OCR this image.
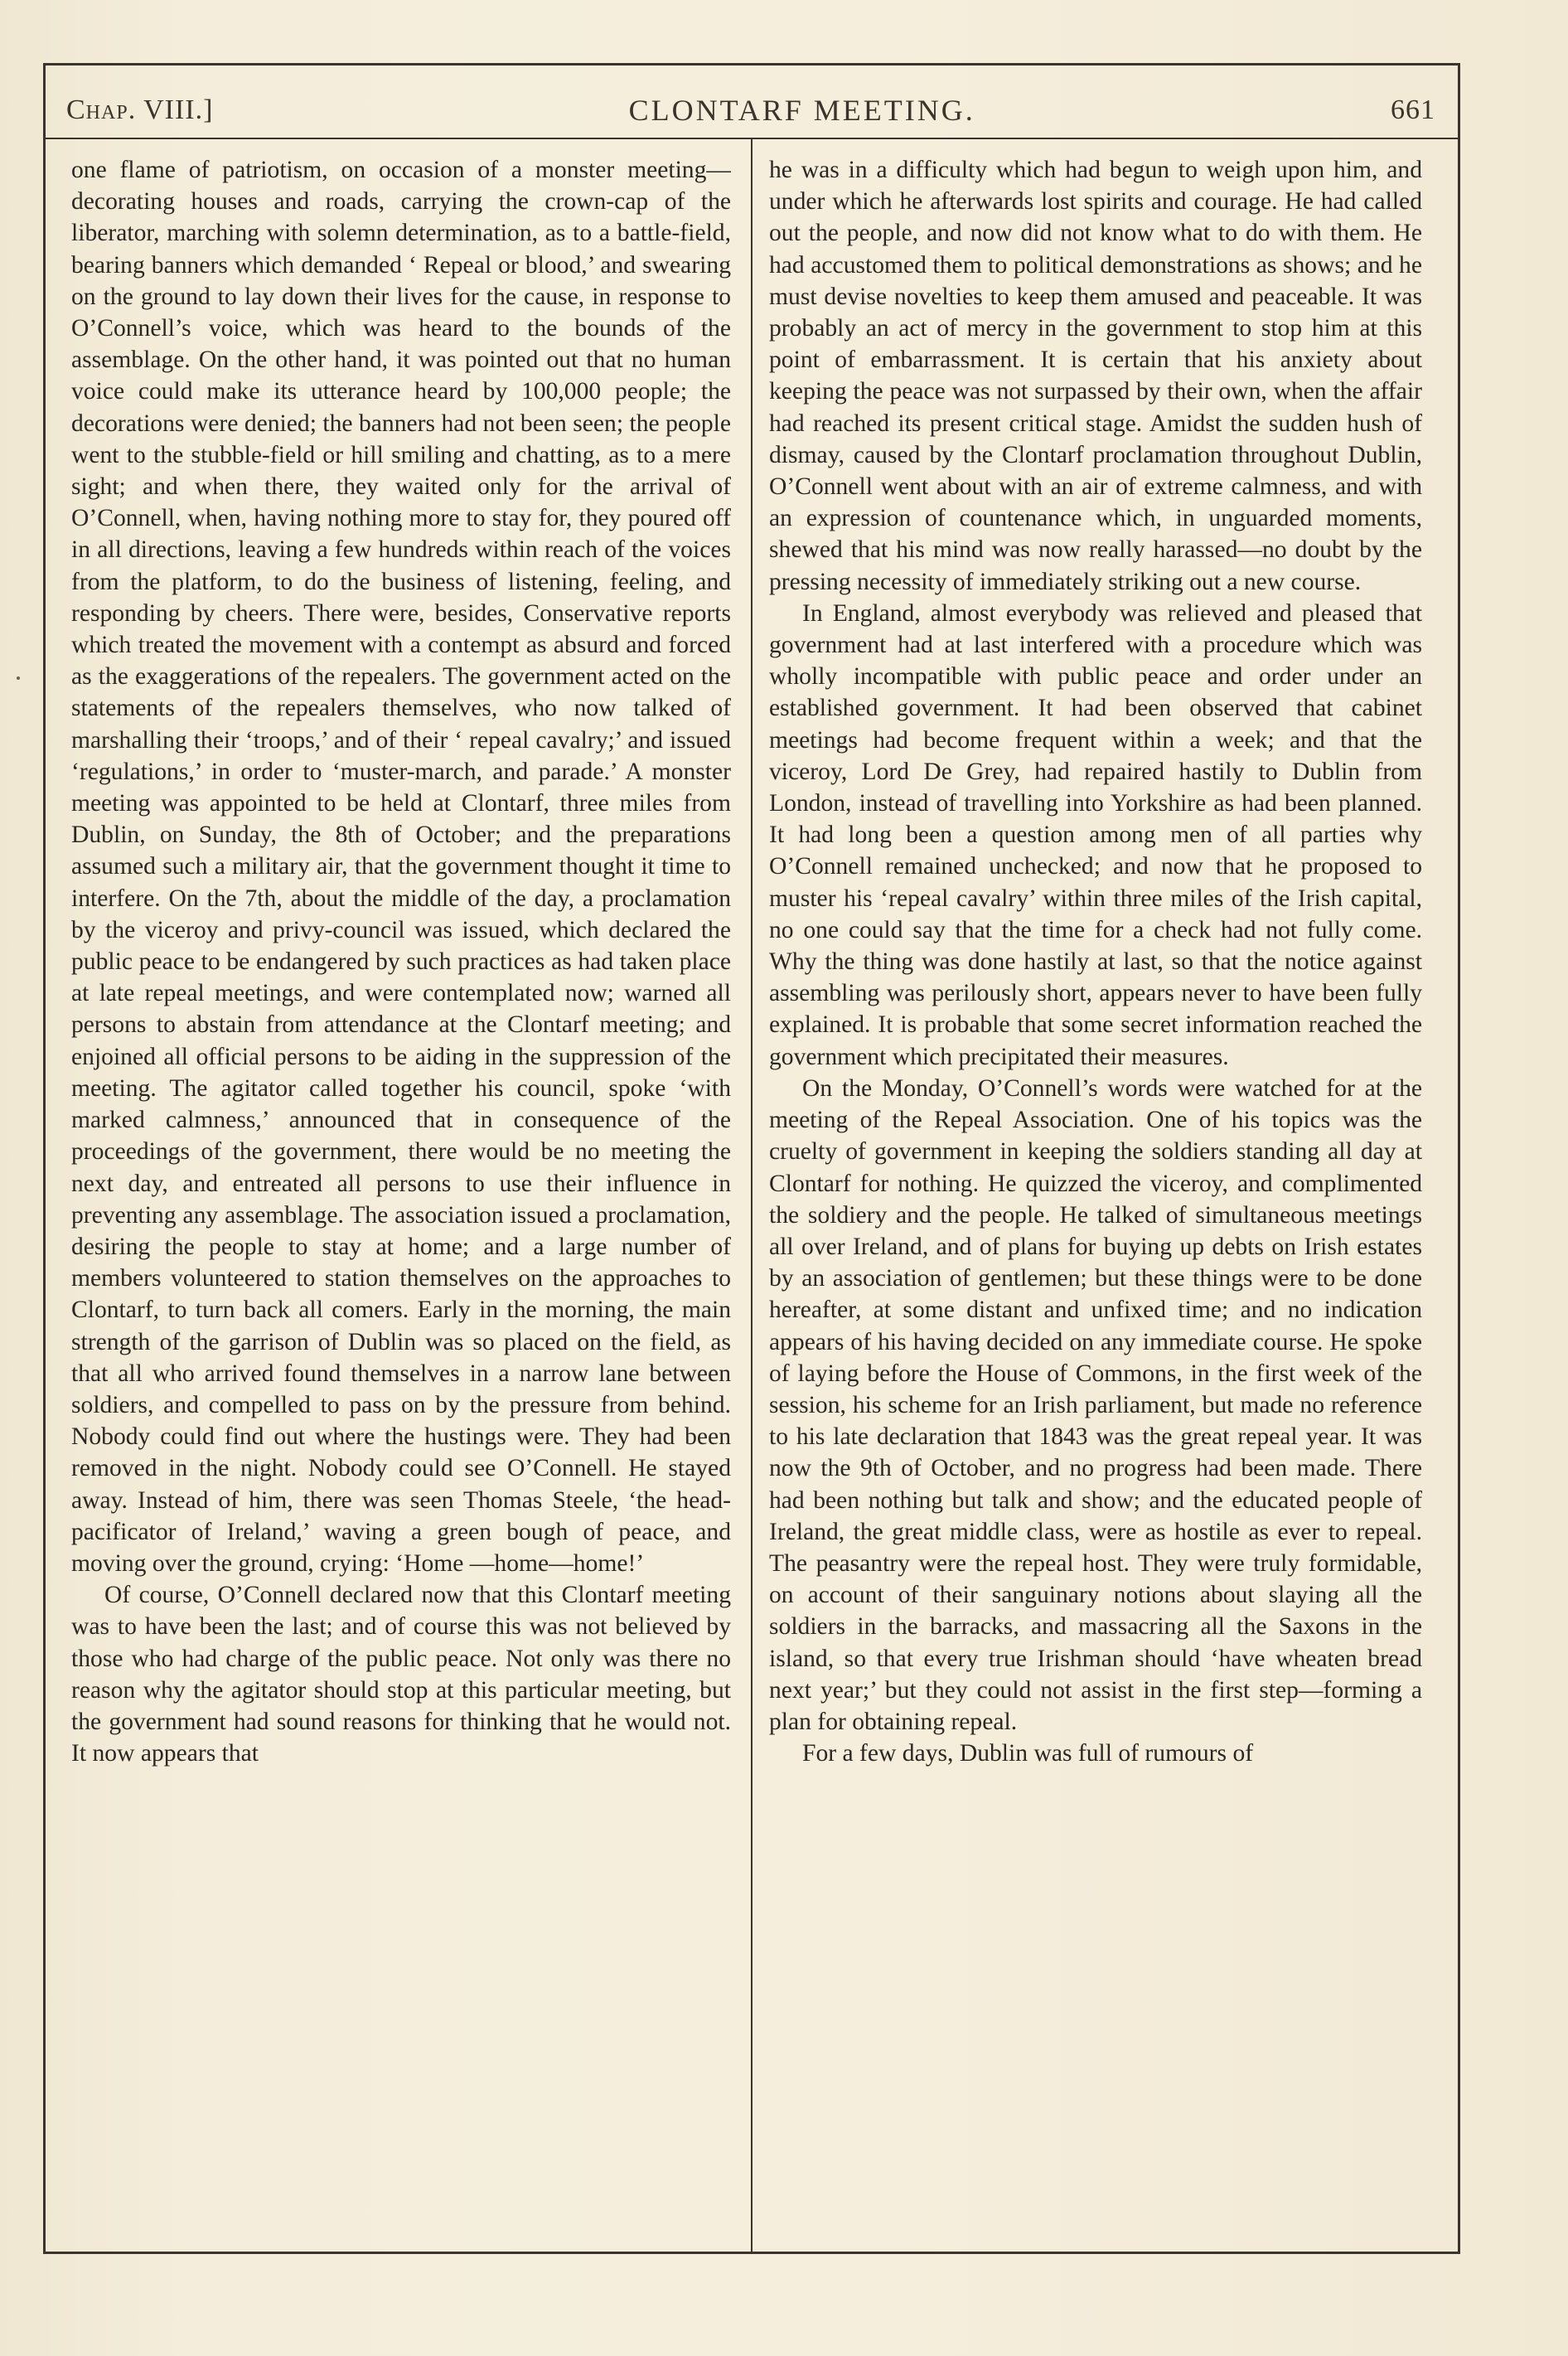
Chap. VIII.]	CLONTARF MEETING.	661

one flame of patriotism, on occasion of a monster meeting—decorating houses and roads, carrying the crown-cap of the liberator, marching with solemn determination, as to a battle-field, bearing banners which demanded ‘ Repeal or blood,’ and swearing on the ground to lay down their lives for the cause, in response to O’Connell’s voice, which was heard to the bounds of the assemblage. On the other hand, it was pointed out that no human voice could make its utterance heard by 100,000 people; the decorations were denied; the banners had not been seen; the people went to the stubble-field or hill smiling and chatting, as to a mere sight; and when there, they waited only for the arrival of O’Connell, when, having nothing more to stay for, they poured off in all directions, leaving a few hundreds within reach of the voices from the platform, to do the business of listening, feeling, and responding by cheers. There were, besides, Conservative reports which treated the movement with a contempt as absurd and forced as the exaggerations of the repealers. The government acted on the statements of the repealers themselves, who now talked of marshalling their ‘troops,’ and of their ‘ repeal cavalry;’ and issued ‘regulations,’ in order to ‘muster-march, and parade.’ A monster meeting was appointed to be held at Clontarf, three miles from Dublin, on Sunday, the 8th of October; and the preparations assumed such a military air, that the government thought it time to interfere. On the 7th, about the middle of the day, a proclamation by the viceroy and privy-council was issued, which declared the public peace to be endangered by such practices as had taken place at late repeal meetings, and were contemplated now; warned all persons to abstain from attendance at the Clontarf meeting; and enjoined all official persons to be aiding in the suppression of the meeting. The agitator called together his council, spoke ‘with marked calmness,’ announced that in consequence of the proceedings of the government, there would be no meeting the next day, and entreated all persons to use their influence in preventing any assemblage. The association issued a proclamation, desiring the people to stay at home; and a large number of members volunteered to station themselves on the approaches to Clontarf, to turn back all comers. Early in the morning, the main strength of the garrison of Dublin was so placed on the field, as that all who arrived found themselves in a narrow lane between soldiers, and compelled to pass on by the pressure from behind. Nobody could find out where the hustings were. They had been removed in the night. Nobody could see O’Connell. He stayed away. Instead of him, there was seen Thomas Steele, ‘the head-pacificator of Ireland,’ waving a green bough of peace, and moving over the ground, crying: ‘Home —home—home!’

Of course, O’Connell declared now that this Clontarf meeting was to have been the last; and of course this was not believed by those who had charge of the public peace. Not only was there no reason why the agitator should stop at this particular meeting, but the government had sound reasons for thinking that he would not. It now appears that

he was in a difficulty which had begun to weigh upon him, and under which he afterwards lost spirits and courage. He had called out the people, and now did not know what to do with them. He had accustomed them to political demonstrations as shows; and he must devise novelties to keep them amused and peaceable. It was probably an act of mercy in the government to stop him at this point of embarrassment. It is certain that his anxiety about keeping the peace was not surpassed by their own, when the affair had reached its present critical stage. Amidst the sudden hush of dismay, caused by the Clontarf proclamation throughout Dublin, O’Connell went about with an air of extreme calmness, and with an expression of countenance which, in unguarded moments, shewed that his mind was now really harassed—no doubt by the pressing necessity of immediately striking out a new course.

In England, almost everybody was relieved and pleased that government had at last interfered with a procedure which was wholly incompatible with public peace and order under an established government. It had been observed that cabinet meetings had become frequent within a week; and that the viceroy, Lord De Grey, had repaired hastily to Dublin from London, instead of travelling into Yorkshire as had been planned. It had long been a question among men of all parties why O’Connell remained unchecked; and now that he proposed to muster his ‘repeal cavalry’ within three miles of the Irish capital, no one could say that the time for a check had not fully come. Why the thing was done hastily at last, so that the notice against assembling was perilously short, appears never to have been fully explained. It is probable that some secret information reached the government which precipitated their measures.

On the Monday, O’Connell’s words were watched for at the meeting of the Repeal Association. One of his topics was the cruelty of government in keeping the soldiers standing all day at Clontarf for nothing. He quizzed the viceroy, and complimented the soldiery and the people. He talked of simultaneous meetings all over Ireland, and of plans for buying up debts on Irish estates by an association of gentlemen; but these things were to be done hereafter, at some distant and unfixed time; and no indication appears of his having decided on any immediate course. He spoke of laying before the House of Commons, in the first week of the session, his scheme for an Irish parliament, but made no reference to his late declaration that 1843 was the great repeal year. It was now the 9th of October, and no progress had been made. There had been nothing but talk and show; and the educated people of Ireland, the great middle class, were as hostile as ever to repeal. The peasantry were the repeal host. They were truly formidable, on account of their sanguinary notions about slaying all the soldiers in the barracks, and massacring all the Saxons in the island, so that every true Irishman should ‘have wheaten bread next year;’ but they could not assist in the first step—forming a plan for obtaining repeal.

For a few days, Dublin was full of rumours of
